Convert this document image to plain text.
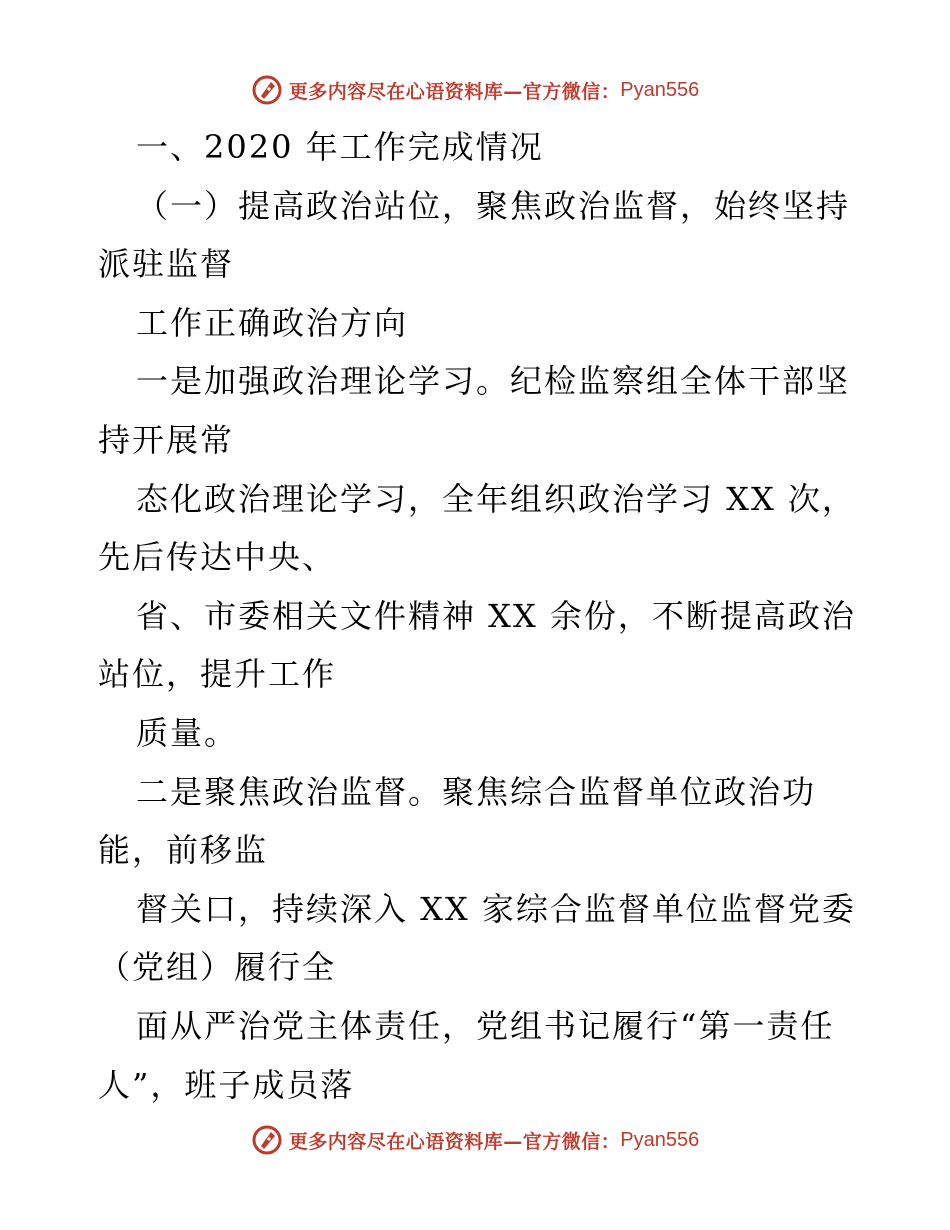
更多内容尽在心语资料库—官方微信： Pyan556

一、2020 年工作完成情况

（一）提高政治站位，聚焦政治监督，始终坚持派驻监督

工作正确政治方向

一是加强政治理论学习。纪检监察组全体干部坚持开展常

态化政治理论学习，全年组织政治学习 XX 次，先后传达中央、

省、市委相关文件精神 XX 余份，不断提高政治站位，提升工作

质量。

二是聚焦政治监督。聚焦综合监督单位政治功能，前移监

督关口，持续深入 XX 家综合监督单位监督党委（党组）履行全

面从严治党主体责任，党组书记履行“第一责任人”，班子成员落

更多内容尽在心语资料库—官方微信： Pyan556
